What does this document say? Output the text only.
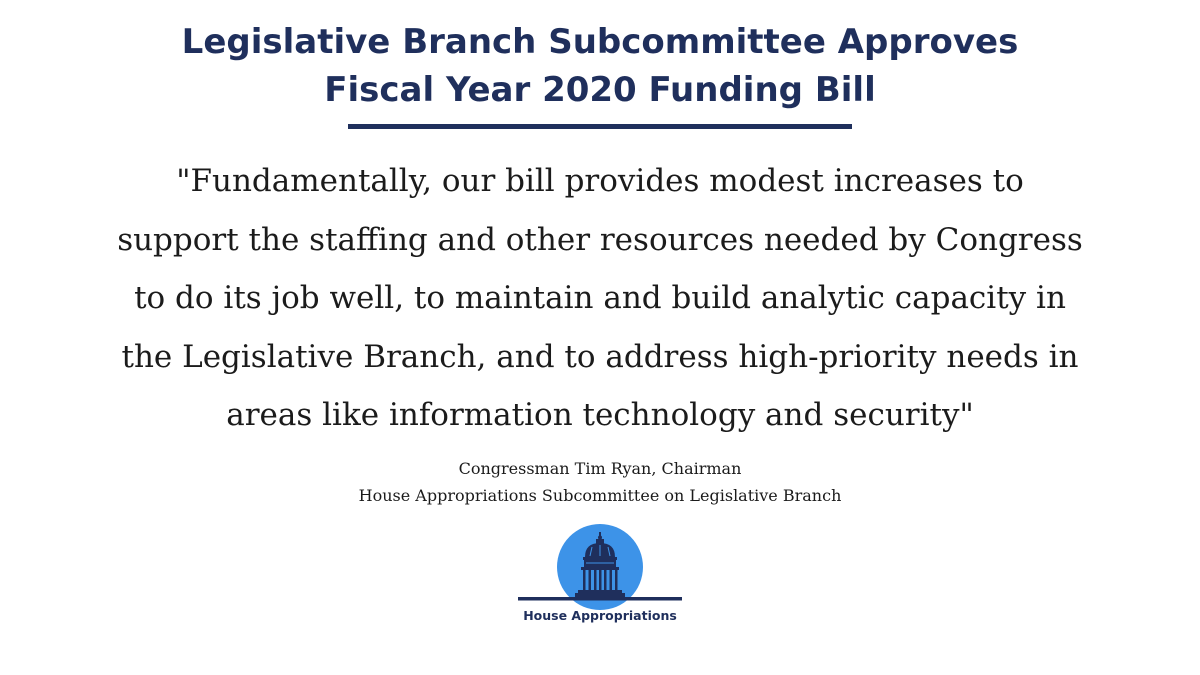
Legislative Branch Subcommittee Approves
Fiscal Year 2020 Funding Bill
"Fundamentally, our bill provides modest increases to
support the staffing and other resources needed by Congress
to do its job well, to maintain and build analytic capacity in
the Legislative Branch, and to address high-priority needs in
areas like information technology and security"
Congressman Tim Ryan, Chairman
House Appropriations Subcommittee on Legislative Branch
House Appropriations
